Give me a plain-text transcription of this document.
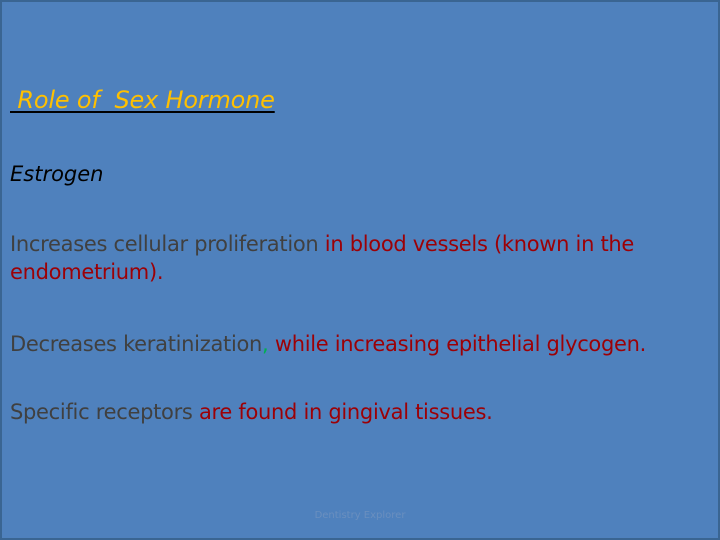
Role of  Sex Hormone
Estrogen
Increases cellular proliferation in blood vessels (known in the endometrium).
Decreases keratinization, while increasing epithelial glycogen.
Specific receptors are found in gingival tissues.
Dentistry Explorer
